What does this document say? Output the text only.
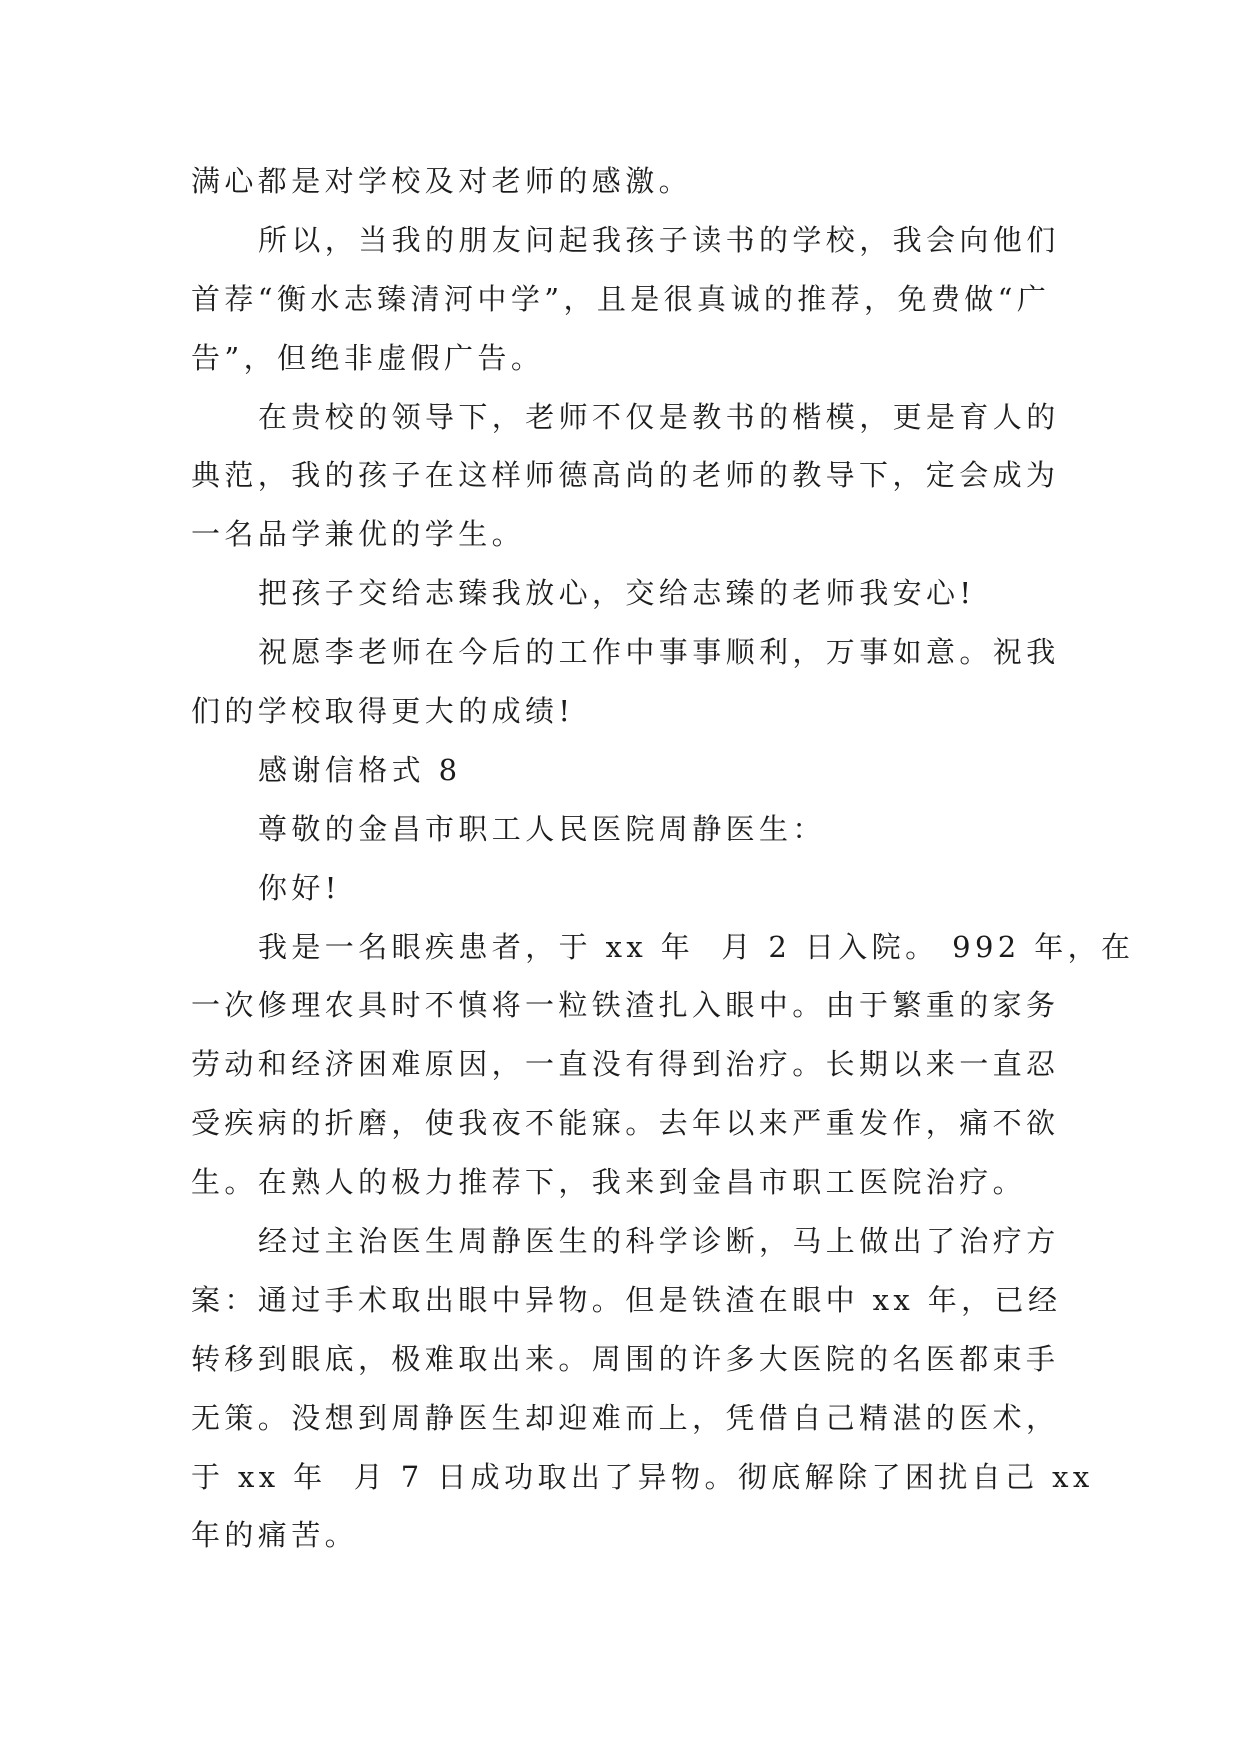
满心都是对学校及对老师的感激。
所以，当我的朋友问起我孩子读书的学校，我会向他们
首荐“衡水志臻清河中学”，且是很真诚的推荐，免费做“广
告”，但绝非虚假广告。
在贵校的领导下，老师不仅是教书的楷模，更是育人的
典范，我的孩子在这样师德高尚的老师的教导下，定会成为
一名品学兼优的学生。
把孩子交给志臻我放心，交给志臻的老师我安心!
祝愿李老师在今后的工作中事事顺利，万事如意。祝我
们的学校取得更大的成绩!
感谢信格式 8
尊敬的金昌市职工人民医院周静医生：
你好!
我是一名眼疾患者，于 xx 年  月 2 日入院。 992 年，在
一次修理农具时不慎将一粒铁渣扎入眼中。由于繁重的家务
劳动和经济困难原因，一直没有得到治疗。长期以来一直忍
受疾病的折磨，使我夜不能寐。去年以来严重发作，痛不欲
生。在熟人的极力推荐下，我来到金昌市职工医院治疗。
经过主治医生周静医生的科学诊断，马上做出了治疗方
案：通过手术取出眼中异物。但是铁渣在眼中 xx 年，已经
转移到眼底，极难取出来。周围的许多大医院的名医都束手
无策。没想到周静医生却迎难而上，凭借自己精湛的医术，
于 xx 年  月 7 日成功取出了异物。彻底解除了困扰自己 xx
年的痛苦。
